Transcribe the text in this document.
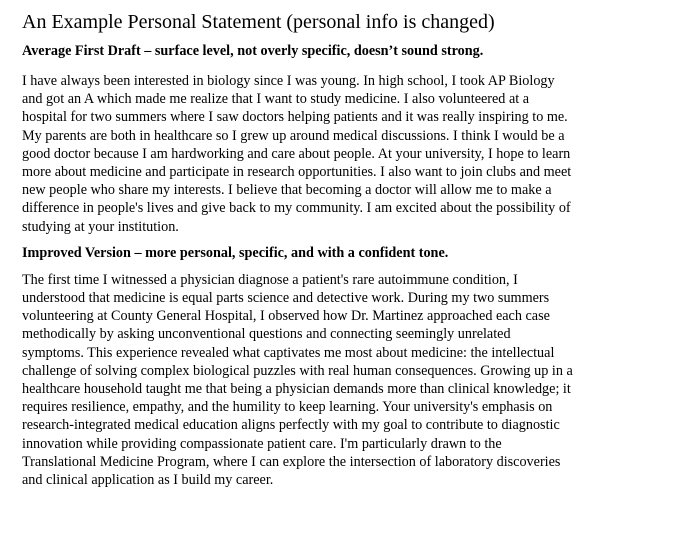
An Example Personal Statement (personal info is changed)

Average First Draft – surface level, not overly specific, doesn’t sound strong.

I have always been interested in biology since I was young. In high school, I took AP Biology
and got an A which made me realize that I want to study medicine. I also volunteered at a
hospital for two summers where I saw doctors helping patients and it was really inspiring to me.
My parents are both in healthcare so I grew up around medical discussions. I think I would be a
good doctor because I am hardworking and care about people. At your university, I hope to learn
more about medicine and participate in research opportunities. I also want to join clubs and meet
new people who share my interests. I believe that becoming a doctor will allow me to make a
difference in people's lives and give back to my community. I am excited about the possibility of
studying at your institution.

Improved Version – more personal, specific, and with a confident tone.

The first time I witnessed a physician diagnose a patient's rare autoimmune condition, I
understood that medicine is equal parts science and detective work. During my two summers
volunteering at County General Hospital, I observed how Dr. Martinez approached each case
methodically by asking unconventional questions and connecting seemingly unrelated
symptoms. This experience revealed what captivates me most about medicine: the intellectual
challenge of solving complex biological puzzles with real human consequences. Growing up in a
healthcare household taught me that being a physician demands more than clinical knowledge; it
requires resilience, empathy, and the humility to keep learning. Your university's emphasis on
research-integrated medical education aligns perfectly with my goal to contribute to diagnostic
innovation while providing compassionate patient care. I'm particularly drawn to the
Translational Medicine Program, where I can explore the intersection of laboratory discoveries
and clinical application as I build my career.
